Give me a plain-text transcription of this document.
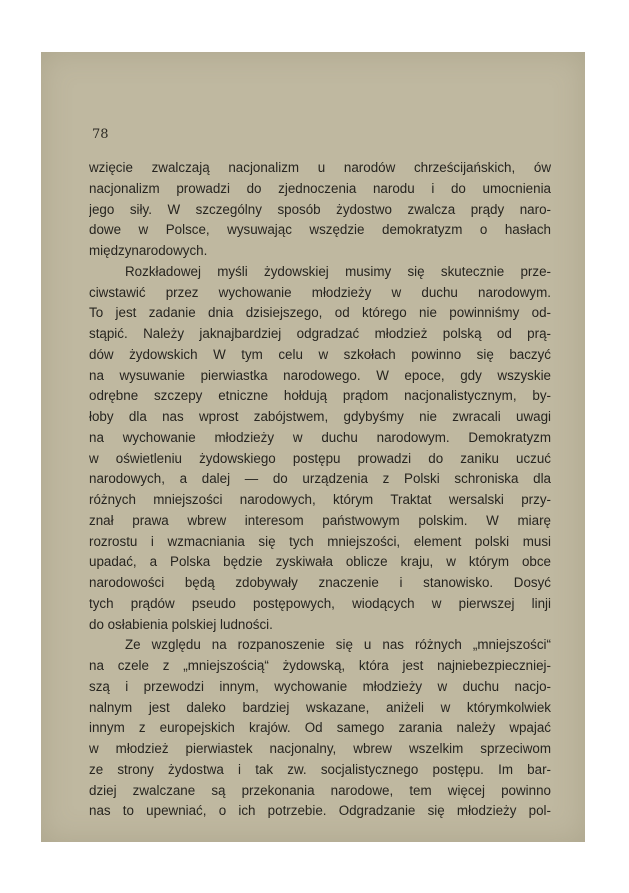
78
wzięcie zwalczają nacjonalizm u narodów chrześcijańskich, ów
nacjonalizm prowadzi do zjednoczenia narodu i do umocnienia
jego siły. W szczególny sposób żydostwo zwalcza prądy naro-
dowe w Polsce, wysuwając wszędzie demokratyzm o hasłach
międzynarodowych.
Rozkładowej myśli żydowskiej musimy się skutecznie prze-
ciwstawić przez wychowanie młodzieży w duchu narodowym.
To jest zadanie dnia dzisiejszego, od którego nie powinniśmy od-
stąpić. Należy jaknajbardziej odgradzać młodzież polską od prą-
dów żydowskich W tym celu w szkołach powinno się baczyć
na wysuwanie pierwiastka narodowego. W epoce, gdy wszyskie
odrębne szczepy etniczne hołdują prądom nacjonalistycznym, by-
łoby dla nas wprost zabójstwem, gdybyśmy nie zwracali uwagi
na wychowanie młodzieży w duchu narodowym. Demokratyzm
w oświetleniu żydowskiego postępu prowadzi do zaniku uczuć
narodowych, a dalej — do urządzenia z Polski schroniska dla
różnych mniejszości narodowych, którym Traktat wersalski przy-
znał prawa wbrew interesom państwowym polskim. W miarę
rozrostu i wzmacniania się tych mniejszości, element polski musi
upadać, a Polska będzie zyskiwała oblicze kraju, w którym obce
narodowości będą zdobywały znaczenie i stanowisko. Dosyć
tych prądów pseudo postępowych, wiodących w pierwszej linji
do osłabienia polskiej ludności.
Ze względu na rozpanoszenie się u nas różnych „mniejszości“
na czele z „mniejszością“ żydowską, która jest najniebezpieczniej-
szą i przewodzi innym, wychowanie młodzieży w duchu nacjo-
nalnym jest daleko bardziej wskazane, aniżeli w którymkolwiek
innym z europejskich krajów. Od samego zarania należy wpajać
w młodzież pierwiastek nacjonalny, wbrew wszelkim sprzeciwom
ze strony żydostwa i tak zw. socjalistycznego postępu. Im bar-
dziej zwalczane są przekonania narodowe, tem więcej powinno
nas to upewniać, o ich potrzebie. Odgradzanie się młodzieży pol-
